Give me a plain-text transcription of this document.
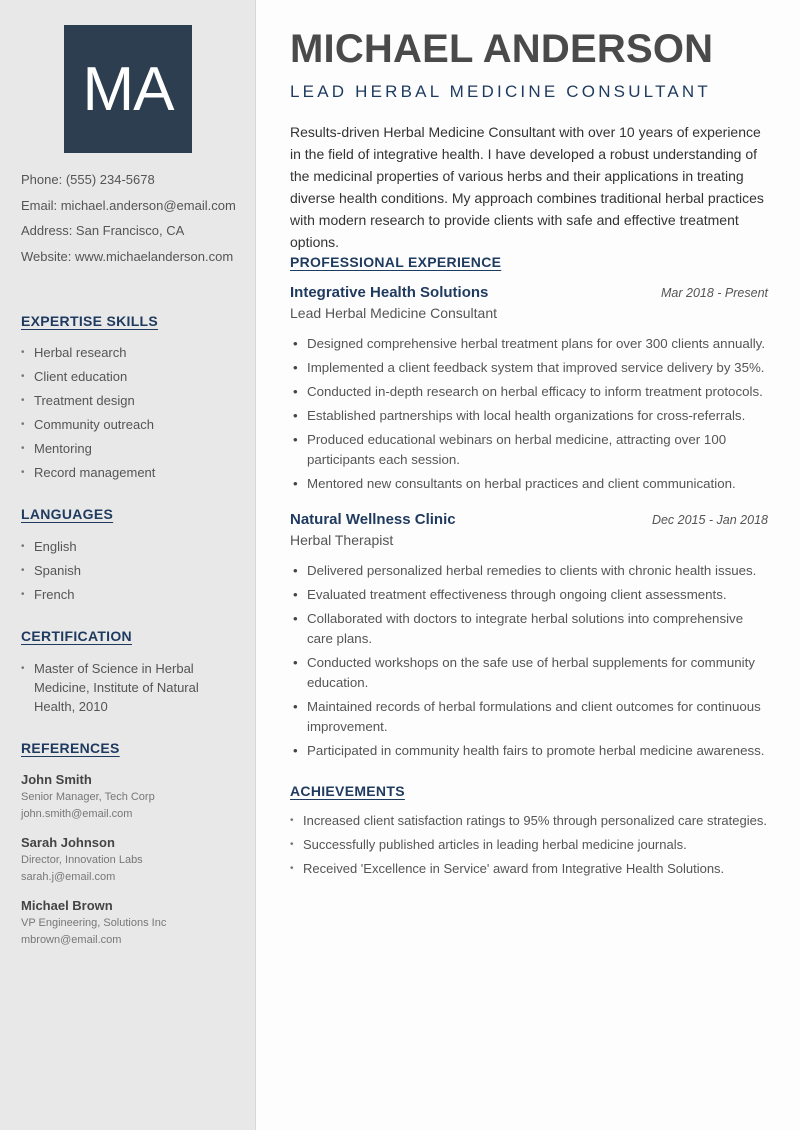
MA
Phone: (555) 234-5678
Email: michael.anderson@email.com
Address: San Francisco, CA
Website: www.michaelanderson.com
EXPERTISE SKILLS
• Herbal research
• Client education
• Treatment design
• Community outreach
• Mentoring
• Record management
LANGUAGES
• English
• Spanish
• French
CERTIFICATION
• Master of Science in Herbal Medicine, Institute of Natural Health, 2010
REFERENCES
John Smith
Senior Manager, Tech Corp
john.smith@email.com
Sarah Johnson
Director, Innovation Labs
sarah.j@email.com
Michael Brown
VP Engineering, Solutions Inc
mbrown@email.com
MICHAEL ANDERSON
LEAD HERBAL MEDICINE CONSULTANT
Results-driven Herbal Medicine Consultant with over 10 years of experience in the field of integrative health. I have developed a robust understanding of the medicinal properties of various herbs and their applications in treating diverse health conditions. My approach combines traditional herbal practices with modern research to provide clients with safe and effective treatment options.
PROFESSIONAL EXPERIENCE
Integrative Health Solutions	Mar 2018 - Present
Lead Herbal Medicine Consultant
• Designed comprehensive herbal treatment plans for over 300 clients annually.
• Implemented a client feedback system that improved service delivery by 35%.
• Conducted in-depth research on herbal efficacy to inform treatment protocols.
• Established partnerships with local health organizations for cross-referrals.
• Produced educational webinars on herbal medicine, attracting over 100 participants each session.
• Mentored new consultants on herbal practices and client communication.
Natural Wellness Clinic	Dec 2015 - Jan 2018
Herbal Therapist
• Delivered personalized herbal remedies to clients with chronic health issues.
• Evaluated treatment effectiveness through ongoing client assessments.
• Collaborated with doctors to integrate herbal solutions into comprehensive care plans.
• Conducted workshops on the safe use of herbal supplements for community education.
• Maintained records of herbal formulations and client outcomes for continuous improvement.
• Participated in community health fairs to promote herbal medicine awareness.
ACHIEVEMENTS
• Increased client satisfaction ratings to 95% through personalized care strategies.
• Successfully published articles in leading herbal medicine journals.
• Received 'Excellence in Service' award from Integrative Health Solutions.
